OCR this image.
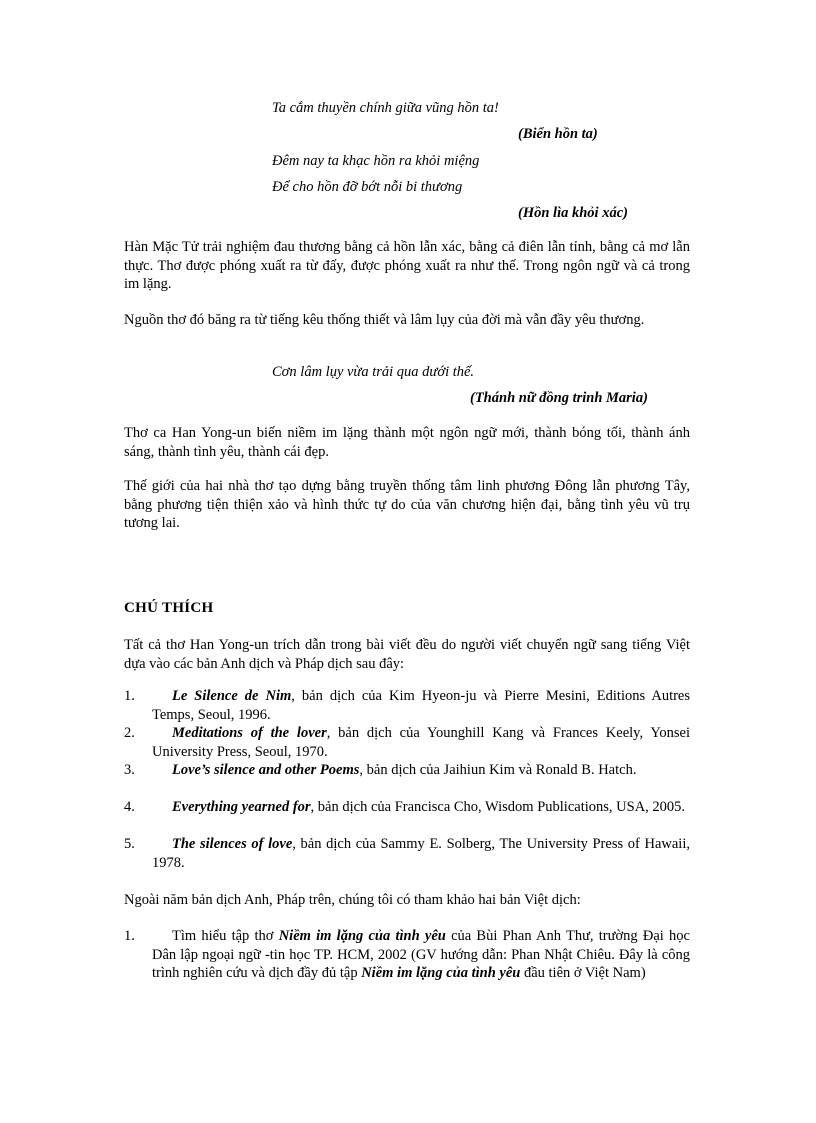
Ta cắm thuyền chính giữa vũng hồn ta!
(Biển hồn ta)
Đêm nay ta khạc hồn ra khỏi miệng
Để cho hồn đỡ bớt nỗi bi thương
(Hồn lìa khỏi xác)
Hàn Mặc Tử trải nghiệm đau thương bằng cả hồn lẫn xác, bằng cả điên lẫn tỉnh, bằng cả mơ lẫn thực. Thơ được phóng xuất ra từ đấy, được phóng xuất ra như thế. Trong ngôn ngữ và cả trong im lặng.
Nguồn thơ đó băng ra từ tiếng kêu thống thiết và lâm lụy của đời mà vẫn đầy yêu thương.
Cơn lâm lụy vừa trải qua dưới thế.
(Thánh nữ đồng trinh Maria)
Thơ ca Han Yong-un biến niềm im lặng thành một ngôn ngữ mới, thành bóng tối, thành ánh sáng, thành tình yêu, thành cái đẹp.
Thế giới của hai nhà thơ tạo dựng bằng truyền thống tâm linh phương Đông lẫn phương Tây, bằng phương tiện thiện xảo và hình thức tự do của văn chương hiện đại, bằng tình yêu vũ trụ tương lai.
CHÚ THÍCH
Tất cả thơ Han Yong-un trích dẫn trong bài viết đều do người viết chuyển ngữ sang tiếng Việt dựa vào các bản Anh dịch và Pháp dịch sau đây:
1.	Le Silence de Nim, bản dịch của Kim Hyeon-ju và Pierre Mesini, Editions Autres Temps, Seoul, 1996.
2.	Meditations of the lover, bản dịch của Younghill Kang và Frances Keely, Yonsei University Press, Seoul, 1970.
3.	Love’s silence and other Poems, bản dịch của Jaihiun Kim và Ronald B. Hatch.
4.	Everything yearned for, bản dịch của Francisca Cho, Wisdom Publications, USA, 2005.
5.	The silences of love, bản dịch của Sammy E. Solberg, The University Press of Hawaii, 1978.
Ngoài năm bản dịch Anh, Pháp trên, chúng tôi có tham khảo hai bản Việt dịch:
1.	Tìm hiểu tập thơ Niềm im lặng của tình yêu của Bùi Phan Anh Thư, trường Đại học Dân lập ngoại ngữ -tin học TP. HCM, 2002 (GV hướng dẫn: Phan Nhật Chiêu. Đây là công trình nghiên cứu và dịch đầy đủ tập Niềm im lặng của tình yêu đầu tiên ở Việt Nam)
